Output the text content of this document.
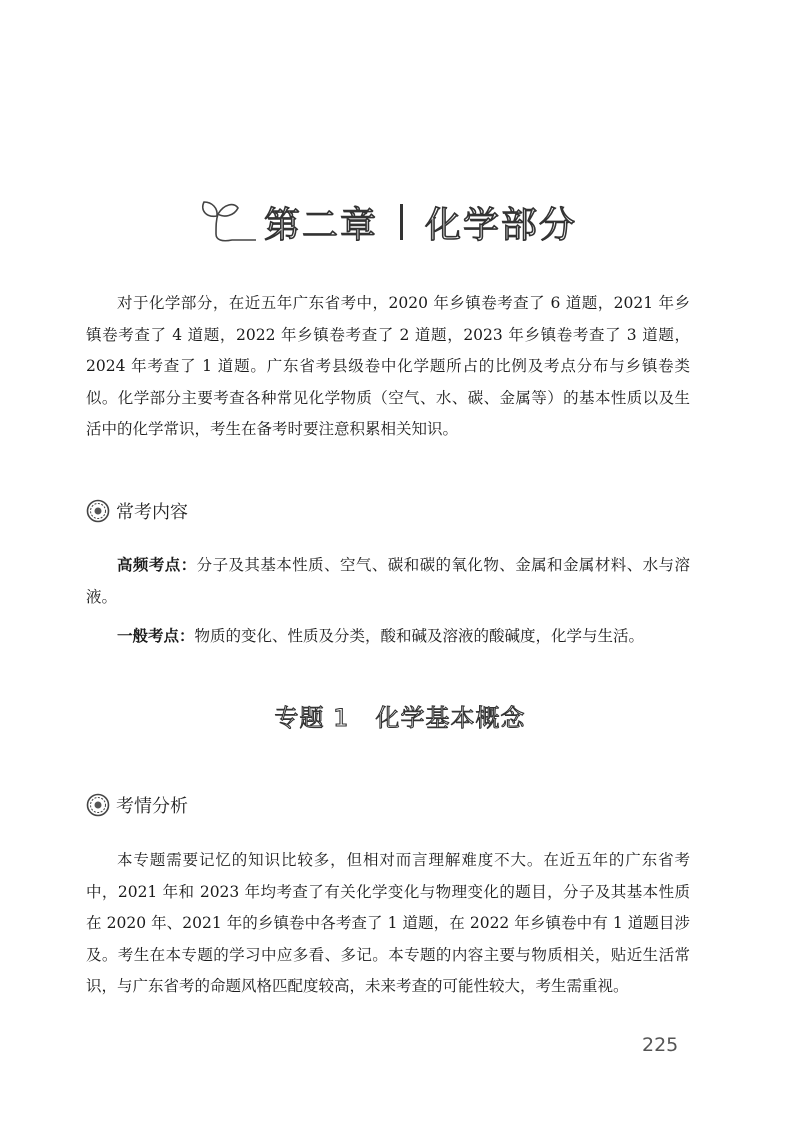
第二章 化学部分

对于化学部分，在近五年广东省考中，2020 年乡镇卷考查了 6 道题，2021 年乡镇卷考查了 4 道题，2022 年乡镇卷考查了 2 道题，2023 年乡镇卷考查了 3 道题，2024 年考查了 1 道题。广东省考县级卷中化学题所占的比例及考点分布与乡镇卷类似。化学部分主要考查各种常见化学物质（空气、水、碳、金属等）的基本性质以及生活中的化学常识，考生在备考时要注意积累相关知识。

常考内容

高频考点：分子及其基本性质、空气、碳和碳的氧化物、金属和金属材料、水与溶液。

一般考点：物质的变化、性质及分类，酸和碱及溶液的酸碱度，化学与生活。

专题 1 化学基本概念
考情分析

本专题需要记忆的知识比较多，但相对而言理解难度不大。在近五年的广东省考中，2021 年和 2023 年均考查了有关化学变化与物理变化的题目，分子及其基本性质在 2020 年、2021 年的乡镇卷中各考查了 1 道题，在 2022 年乡镇卷中有 1 道题目涉及。考生在本专题的学习中应多看、多记。本专题的内容主要与物质相关，贴近生活常识，与广东省考的命题风格匹配度较高，未来考查的可能性较大，考生需重视。

225
